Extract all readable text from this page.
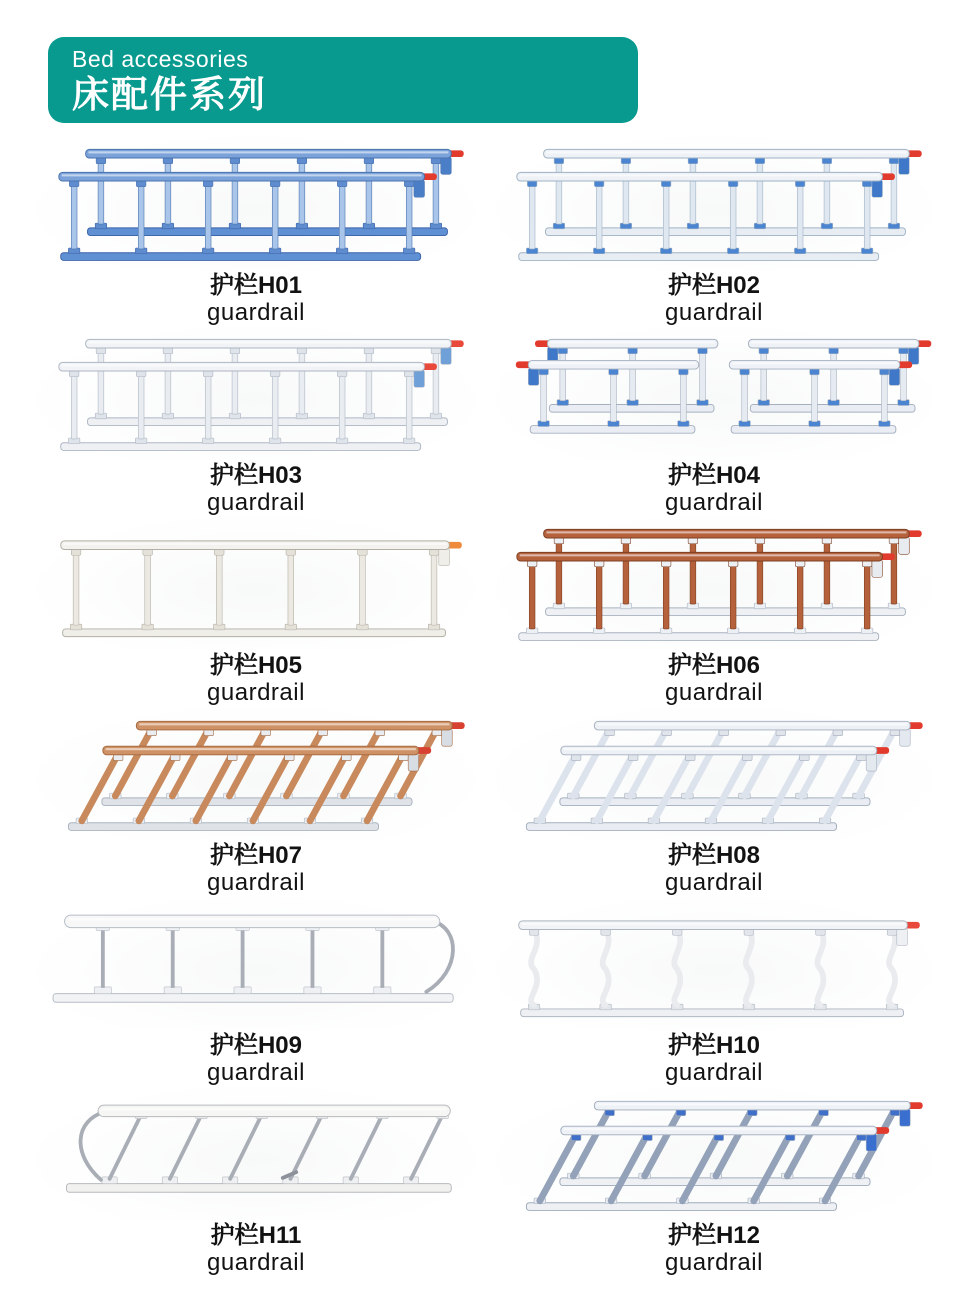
Bed accessories
床配件系列
护栏H01
guardrail
护栏H02
guardrail
护栏H03
guardrail
护栏H04
guardrail
护栏H05
guardrail
护栏H06
guardrail
护栏H07
guardrail
护栏H08
guardrail
护栏H09
guardrail
护栏H10
guardrail
护栏H11
guardrail
护栏H12
guardrail
